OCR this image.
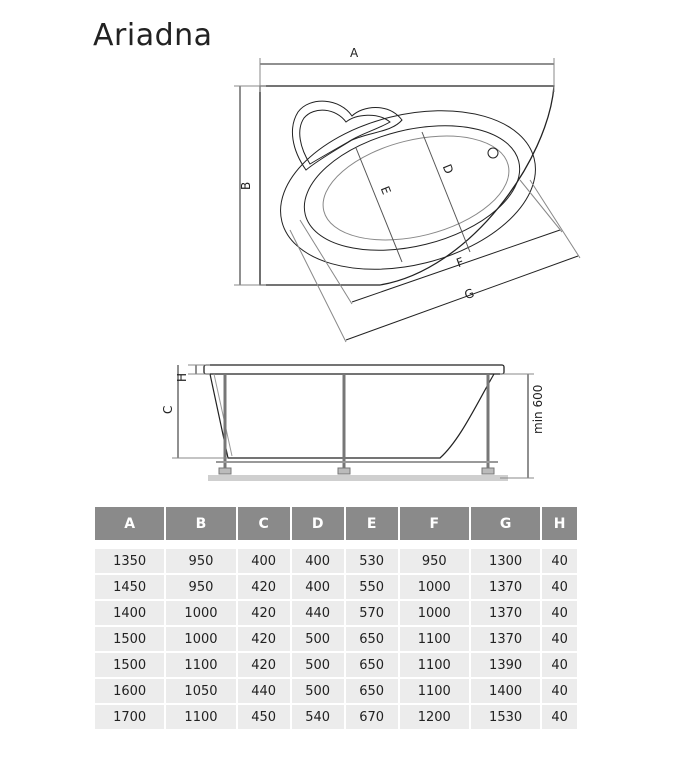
Ariadna	A
B
D
E
F
G
H
C	min 600
A	B	C	D	E	F	G	H

1350	950	400	400	530	950	1300	40
1450	950	420	400	550	1000	1370	40
1400	1000	420	440	570	1000	1370	40
1500	1000	420	500	650	1100	1370	40
1500	1100	420	500	650	1100	1390	40
1600	1050	440	500	650	1100	1400	40
1700	1100	450	540	670	1200	1530	40
